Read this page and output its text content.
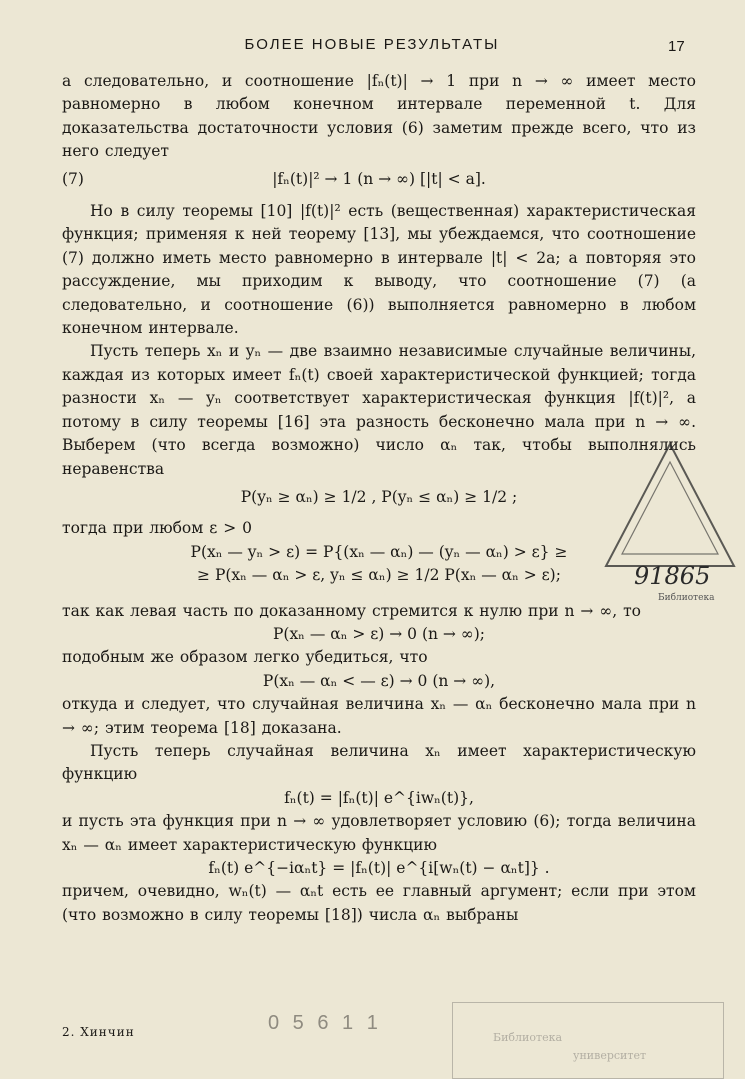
БОЛЕЕ НОВЫЕ РЕЗУЛЬТАТЫ	17

а следовательно, и соотношение |fₙ(t)| → 1 при n → ∞ имеет место равномерно в любом конечном интервале переменной t. Для доказательства достаточности условия (6) заметим прежде всего, что из него следует

(7)	|fₙ(t)|² → 1 (n → ∞) [|t| < a].

Но в силу теоремы [10] |f(t)|² есть (вещественная) характеристическая функция; применяя к ней теорему [13], мы убеждаемся, что соотношение (7) должно иметь место равномерно в интервале |t| < 2a; а повторяя это рассуждение, мы приходим к выводу, что соотношение (7) (а следовательно, и соотношение (6)) выполняется равномерно в любом конечном интервале.

Пусть теперь xₙ и yₙ — две взаимно независимые случайные величины, каждая из которых имеет fₙ(t) своей характеристической функцией; тогда разности xₙ — yₙ соответствует характеристическая функция |f(t)|², а потому в силу теоремы [16] эта разность бесконечно мала при n → ∞. Выберем (что всегда возможно) число αₙ так, чтобы выполнялись неравенства

P(yₙ ≥ αₙ) ≥ 1/2 , P(yₙ ≤ αₙ) ≥ 1/2 ;

тогда при любом ε > 0

P(xₙ — yₙ > ε) = P{(xₙ — αₙ) — (yₙ — αₙ) > ε} ≥
≥ P(xₙ — αₙ > ε, yₙ ≤ αₙ) ≥ 1/2 P(xₙ — αₙ > ε);

так как левая часть по доказанному стремится к нулю при n → ∞, то

P(xₙ — αₙ > ε) → 0 (n → ∞);

подобным же образом легко убедиться, что

P(xₙ — αₙ < — ε) → 0 (n → ∞),

откуда и следует, что случайная величина xₙ — αₙ бесконечно мала при n → ∞; этим теорема [18] доказана.

Пусть теперь случайная величина xₙ имеет характеристическую функцию

fₙ(t) = |fₙ(t)| e^{iwₙ(t)},

и пусть эта функция при n → ∞ удовлетворяет условию (6); тогда величина xₙ — αₙ имеет характеристическую функцию

fₙ(t) e^{−iαₙt} = |fₙ(t)| e^{i[wₙ(t) − αₙt]} .

причем, очевидно, wₙ(t) — αₙt есть ее главный аргумент; если при этом (что возможно в силу теоремы [18]) числа αₙ выбраны

91865
Библиотека
0 5 6 1 1
Библиотека
университет
2. Хинчин
